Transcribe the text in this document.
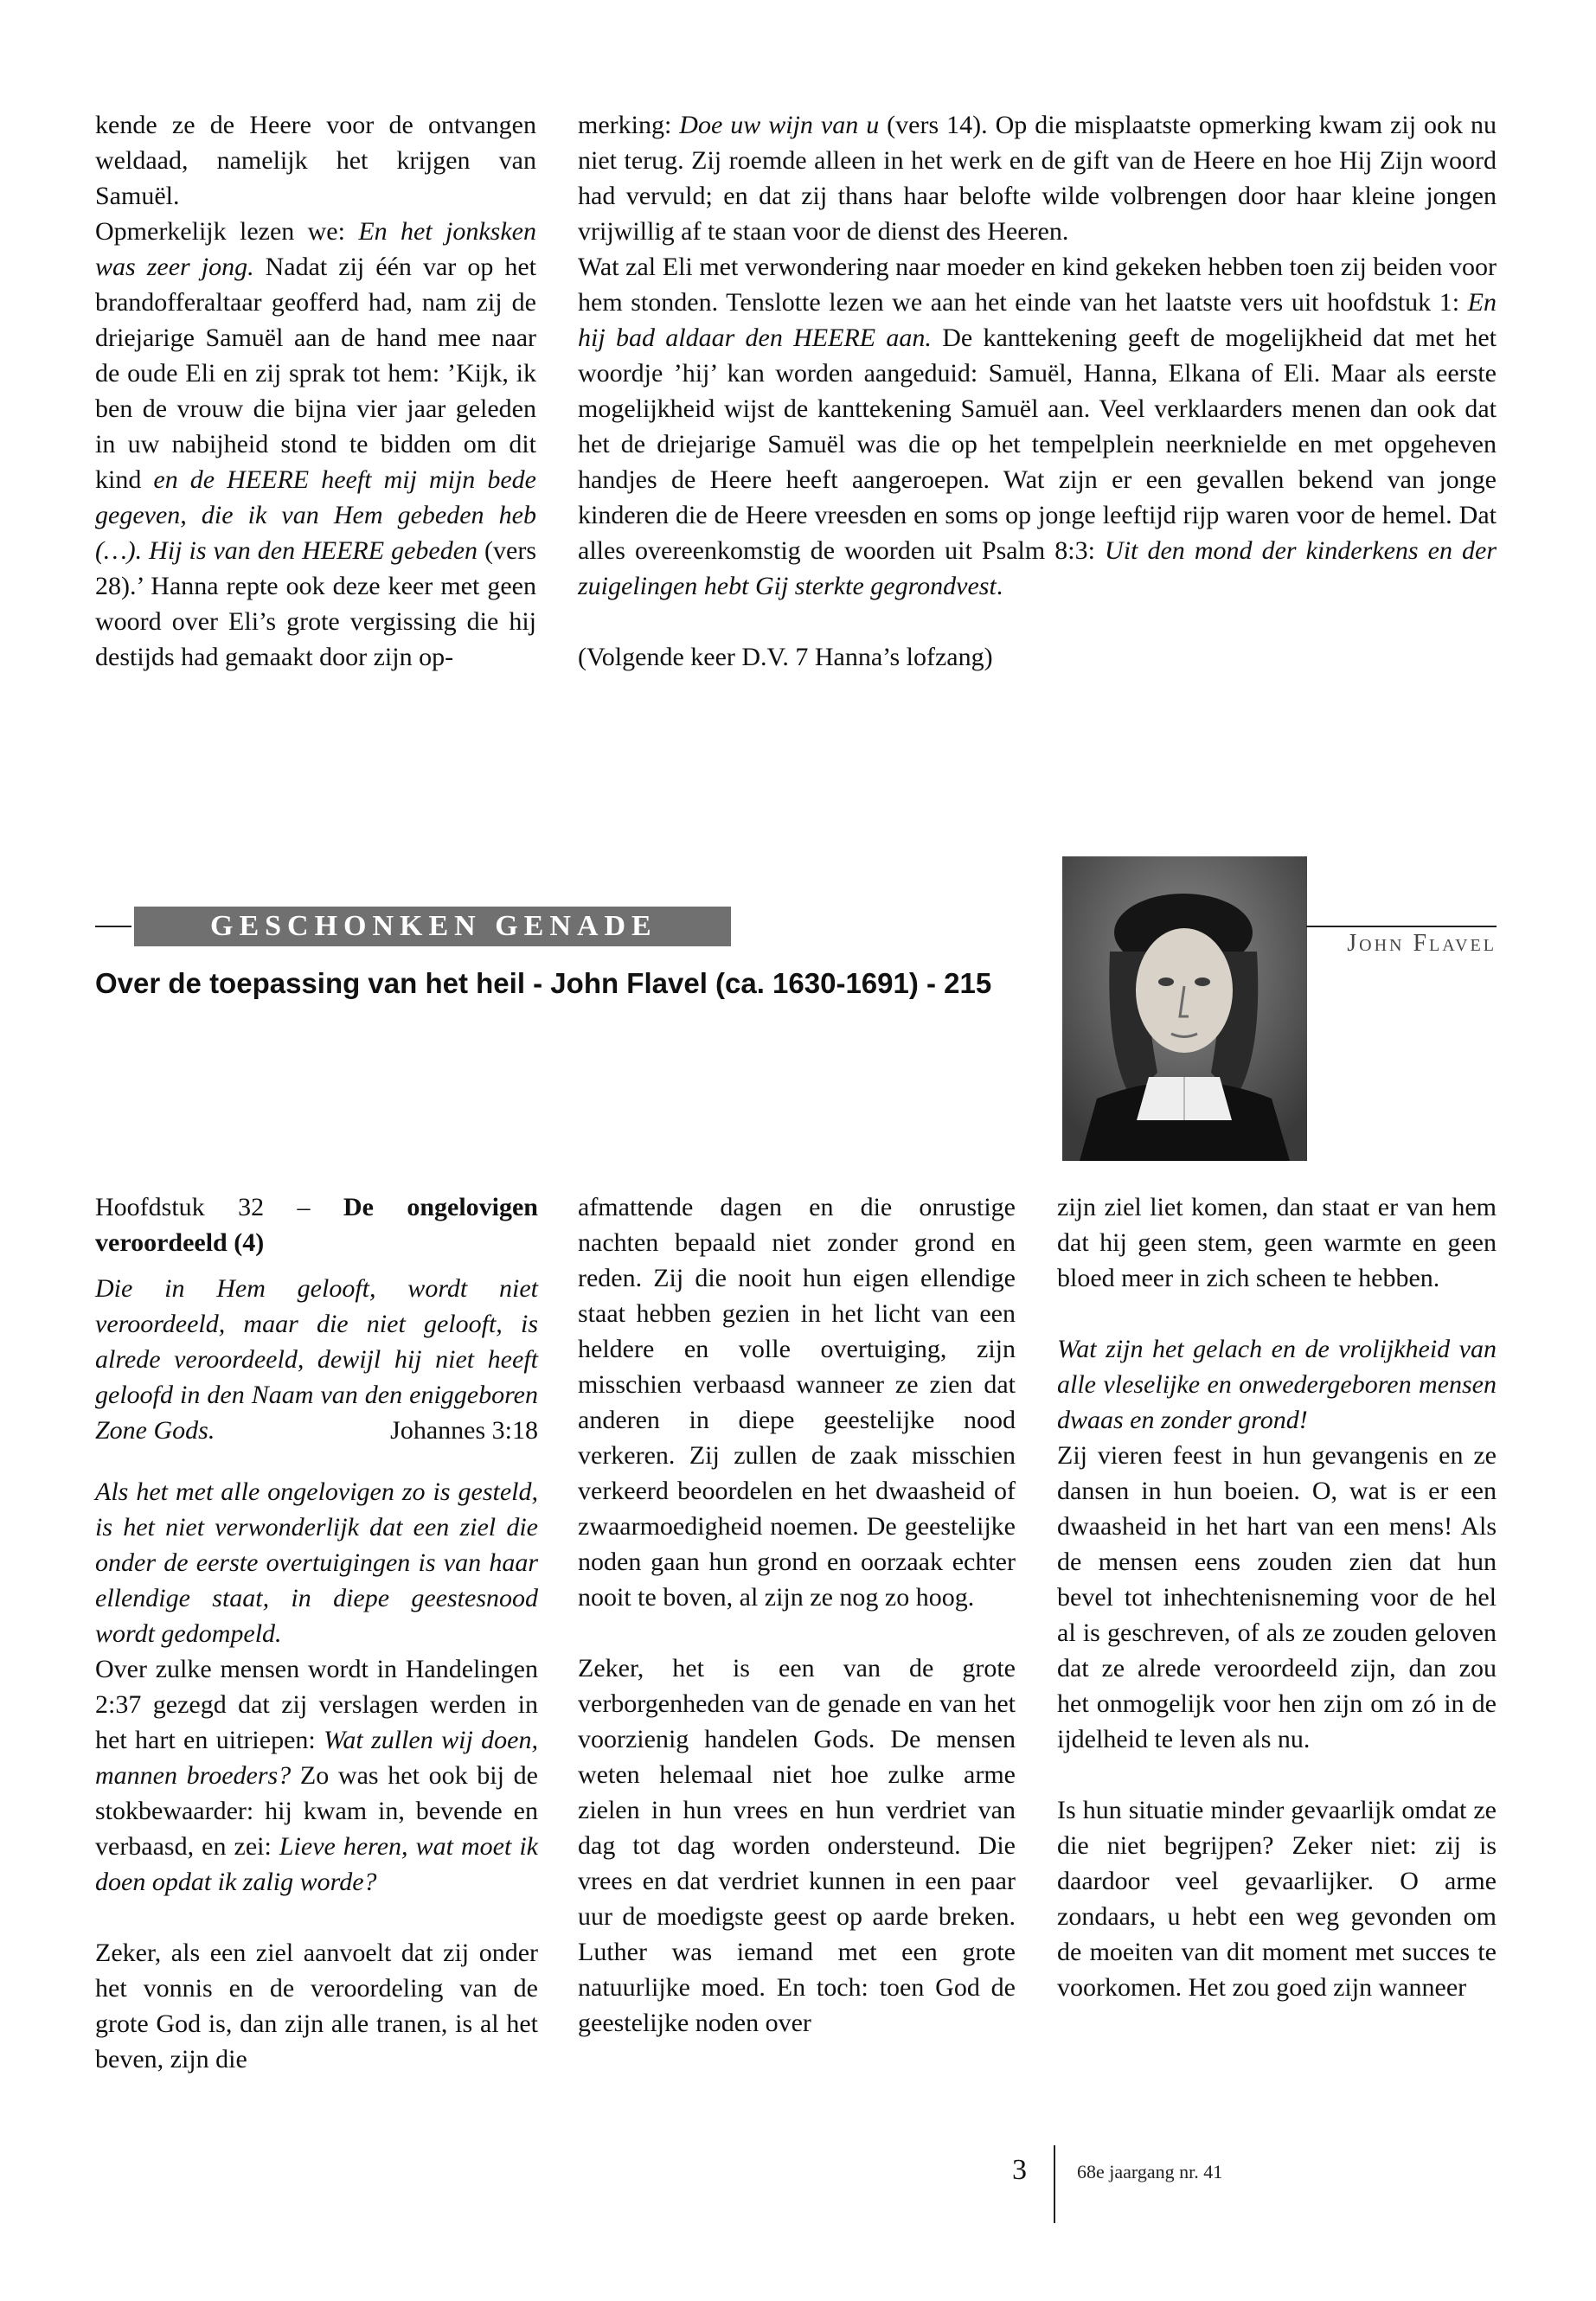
kende ze de Heere voor de ontvangen weldaad, namelijk het krijgen van Samuël.

Opmerkelijk lezen we: En het jonksken was zeer jong. Nadat zij één var op het brandofferaltaar geofferd had, nam zij de driejarige Samuël aan de hand mee naar de oude Eli en zij sprak tot hem: ’Kijk, ik ben de vrouw die bijna vier jaar geleden in uw nabijheid stond te bidden om dit kind en de HEERE heeft mij mijn bede gegeven, die ik van Hem gebeden heb (…). Hij is van den HEERE gebeden (vers 28).’ Hanna repte ook deze keer met geen woord over Eli’s grote vergissing die hij destijds had gemaakt door zijn op-

merking: Doe uw wijn van u (vers 14). Op die misplaatste opmerking kwam zij ook nu niet terug. Zij roemde alleen in het werk en de gift van de Heere en hoe Hij Zijn woord had vervuld; en dat zij thans haar belofte wilde volbrengen door haar kleine jongen vrijwillig af te staan voor de dienst des Heeren.

Wat zal Eli met verwondering naar moeder en kind gekeken hebben toen zij beiden voor hem stonden. Tenslotte lezen we aan het einde van het laatste vers uit hoofdstuk 1: En hij bad aldaar den HEERE aan. De kanttekening geeft de mogelijkheid dat met het woordje ’hij’ kan worden aangeduid: Samuël, Hanna, Elkana of Eli. Maar als eerste mogelijkheid wijst de kanttekening Samuël aan. Veel verklaarders menen dan ook dat het de driejarige Samuël was die op het tempelplein neerknielde en met opgeheven handjes de Heere heeft aangeroepen. Wat zijn er een gevallen bekend van jonge kinderen die de Heere vreesden en soms op jonge leeftijd rijp waren voor de hemel. Dat alles overeenkomstig de woorden uit Psalm 8:3: Uit den mond der kinderkens en der zuigelingen hebt Gij sterkte gegrondvest.

(Volgende keer D.V. 7 Hanna’s lofzang)

GESCHONKEN GENADE
John Flavel
Over de toepassing van het heil - John Flavel (ca. 1630-1691) - 215

Hoofdstuk 32 – De ongelovigen veroordeeld (4)

Die in Hem gelooft, wordt niet veroordeeld, maar die niet gelooft, is alrede veroordeeld, dewijl hij niet heeft geloofd in den Naam van den eniggeboren Zone Gods.	Johannes 3:18

Als het met alle ongelovigen zo is gesteld, is het niet verwonderlijk dat een ziel die onder de eerste overtuigingen is van haar ellendige staat, in diepe geestesnood wordt gedompeld.

Over zulke mensen wordt in Handelingen 2:37 gezegd dat zij verslagen werden in het hart en uitriepen: Wat zullen wij doen, mannen broeders? Zo was het ook bij de stokbewaarder: hij kwam in, bevende en verbaasd, en zei: Lieve heren, wat moet ik doen opdat ik zalig worde?

Zeker, als een ziel aanvoelt dat zij onder het vonnis en de veroordeling van de grote God is, dan zijn alle tranen, is al het beven, zijn die

afmattende dagen en die onrustige nachten bepaald niet zonder grond en reden. Zij die nooit hun eigen ellendige staat hebben gezien in het licht van een heldere en volle overtuiging, zijn misschien verbaasd wanneer ze zien dat anderen in diepe geestelijke nood verkeren. Zij zullen de zaak misschien verkeerd beoordelen en het dwaasheid of zwaarmoedigheid noemen. De geestelijke noden gaan hun grond en oorzaak echter nooit te boven, al zijn ze nog zo hoog.

Zeker, het is een van de grote verborgenheden van de genade en van het voorzienig handelen Gods. De mensen weten helemaal niet hoe zulke arme zielen in hun vrees en hun verdriet van dag tot dag worden ondersteund. Die vrees en dat verdriet kunnen in een paar uur de moedigste geest op aarde breken. Luther was iemand met een grote natuurlijke moed. En toch: toen God de geestelijke noden over

zijn ziel liet komen, dan staat er van hem dat hij geen stem, geen warmte en geen bloed meer in zich scheen te hebben.

Wat zijn het gelach en de vrolijkheid van alle vleselijke en onwedergeboren mensen dwaas en zonder grond!

Zij vieren feest in hun gevangenis en ze dansen in hun boeien. O, wat is er een dwaasheid in het hart van een mens! Als de mensen eens zouden zien dat hun bevel tot inhechtenisneming voor de hel al is geschreven, of als ze zouden geloven dat ze alrede veroordeeld zijn, dan zou het onmogelijk voor hen zijn om zó in de ijdelheid te leven als nu.

Is hun situatie minder gevaarlijk omdat ze die niet begrijpen? Zeker niet: zij is daardoor veel gevaarlijker. O arme zondaars, u hebt een weg gevonden om de moeiten van dit moment met succes te voorkomen. Het zou goed zijn wanneer

3	68e jaargang nr. 41
